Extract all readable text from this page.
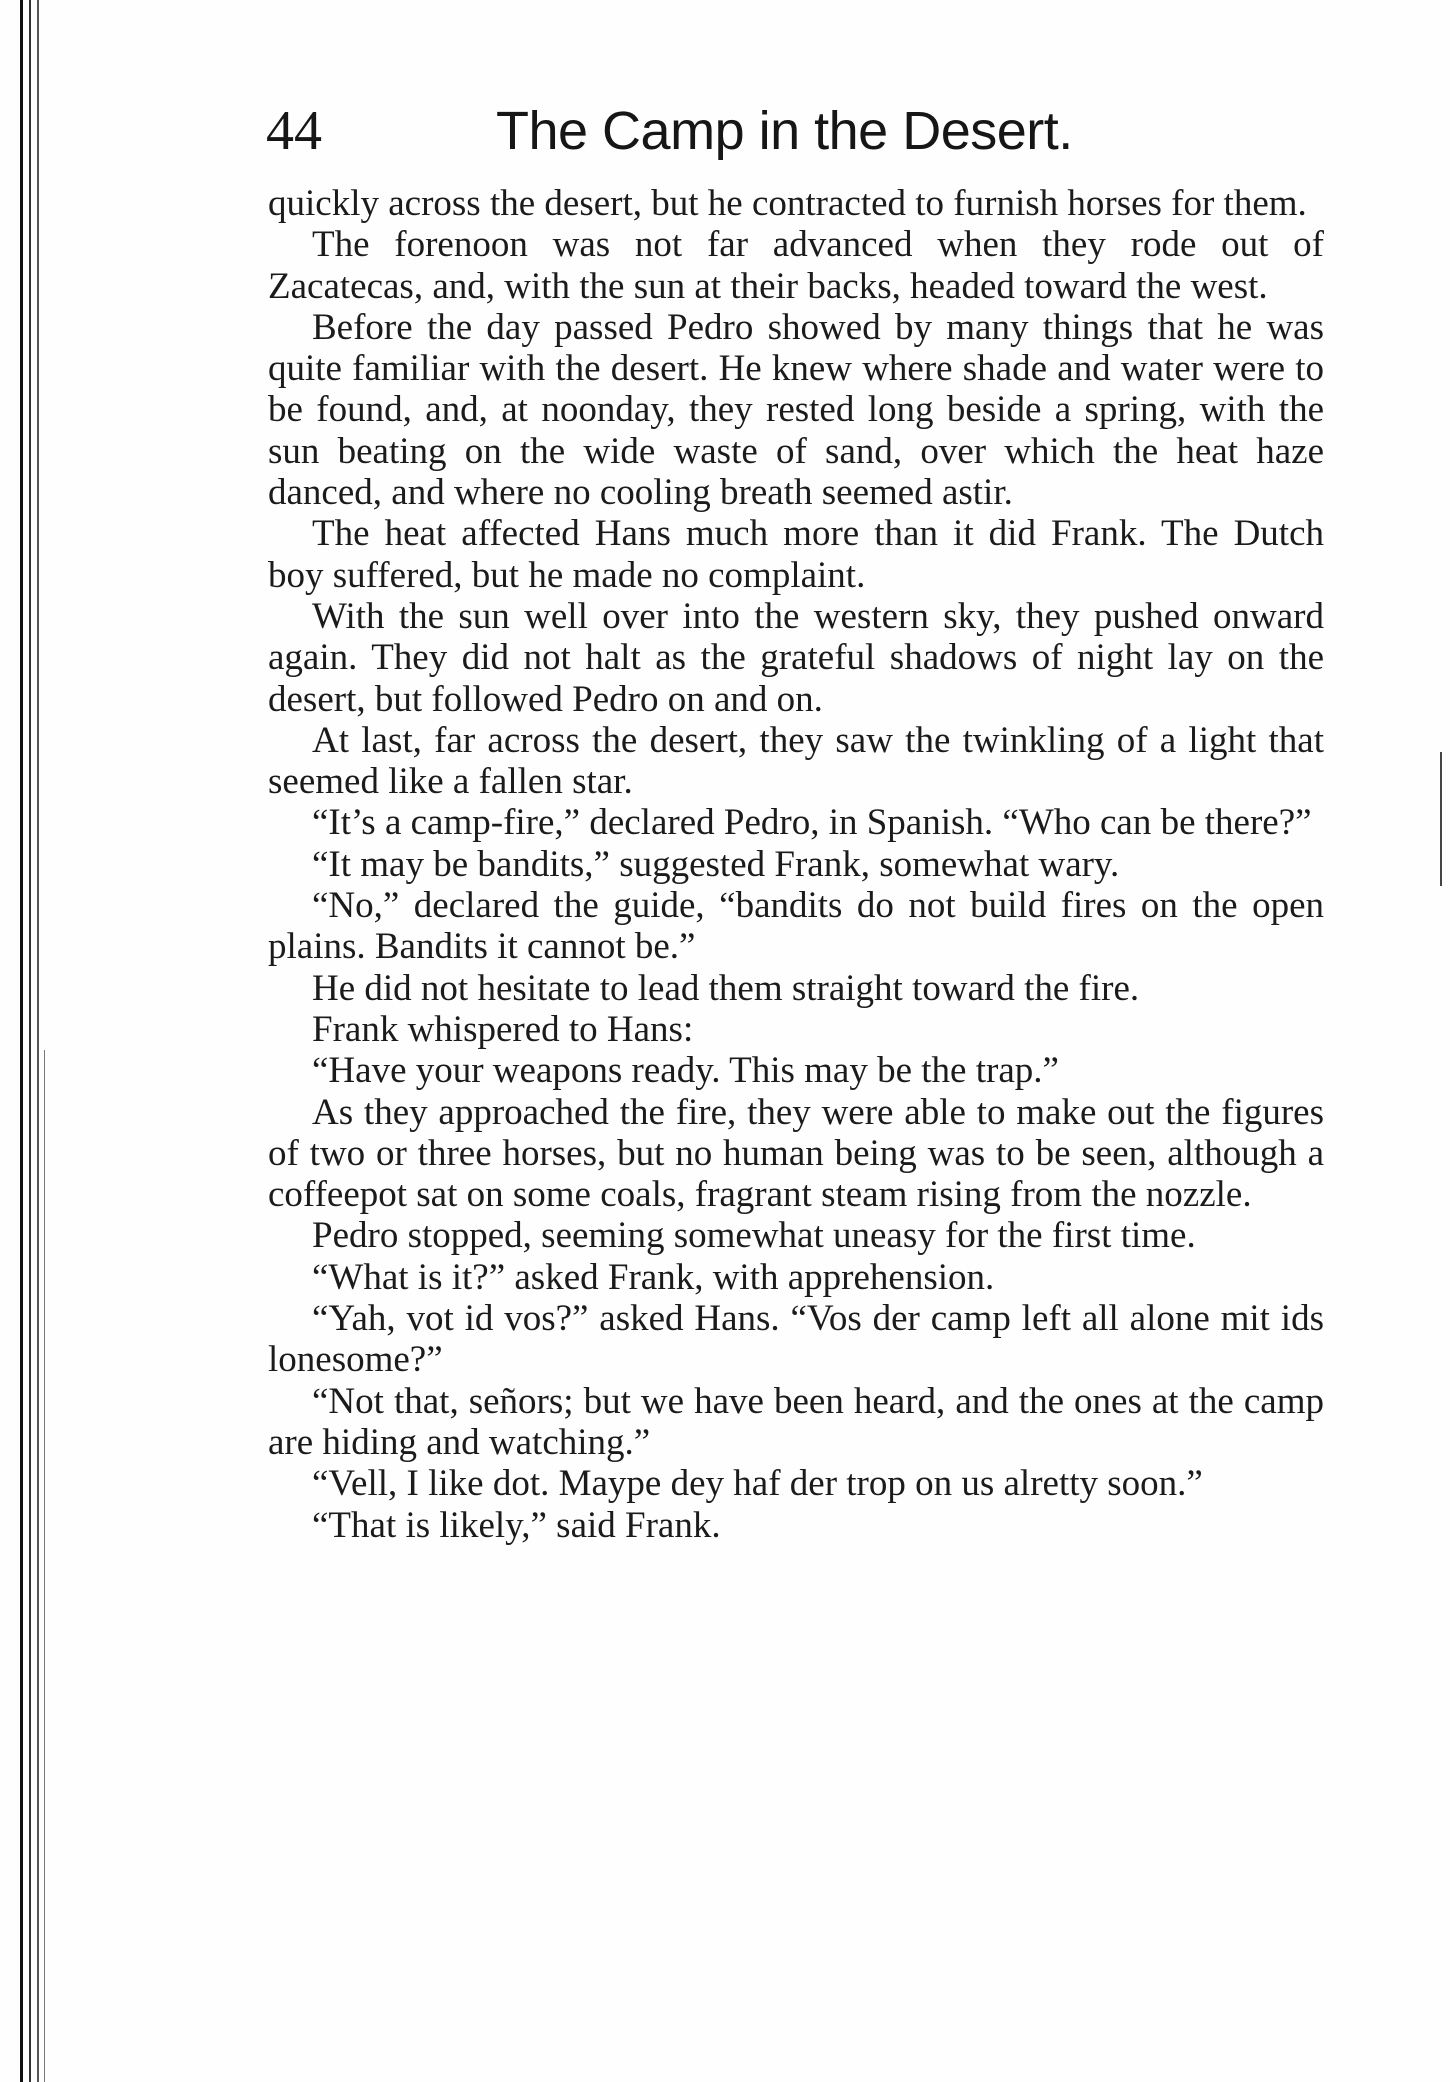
44	The Camp in the Desert.

quickly across the desert, but he contracted to furnish horses for them.

The forenoon was not far advanced when they rode out of Zacatecas, and, with the sun at their backs, headed toward the west.

Before the day passed Pedro showed by many things that he was quite familiar with the desert. He knew where shade and water were to be found, and, at noonday, they rested long beside a spring, with the sun beating on the wide waste of sand, over which the heat haze danced, and where no cooling breath seemed astir.

The heat affected Hans much more than it did Frank. The Dutch boy suffered, but he made no complaint.

With the sun well over into the western sky, they pushed onward again. They did not halt as the grateful shadows of night lay on the desert, but followed Pedro on and on.

At last, far across the desert, they saw the twinkling of a light that seemed like a fallen star.

“It’s a camp-fire,” declared Pedro, in Spanish. “Who can be there?”

“It may be bandits,” suggested Frank, somewhat wary.

“No,” declared the guide, “bandits do not build fires on the open plains. Bandits it cannot be.”

He did not hesitate to lead them straight toward the fire.

Frank whispered to Hans:

“Have your weapons ready. This may be the trap.”

As they approached the fire, they were able to make out the figures of two or three horses, but no human being was to be seen, although a coffeepot sat on some coals, fragrant steam rising from the nozzle.

Pedro stopped, seeming somewhat uneasy for the first time.

“What is it?” asked Frank, with apprehension.

“Yah, vot id vos?” asked Hans. “Vos der camp left all alone mit ids lonesome?”

“Not that, señors; but we have been heard, and the ones at the camp are hiding and watching.”

“Vell, I like dot. Maype dey haf der trop on us alretty soon.”

“That is likely,” said Frank.
